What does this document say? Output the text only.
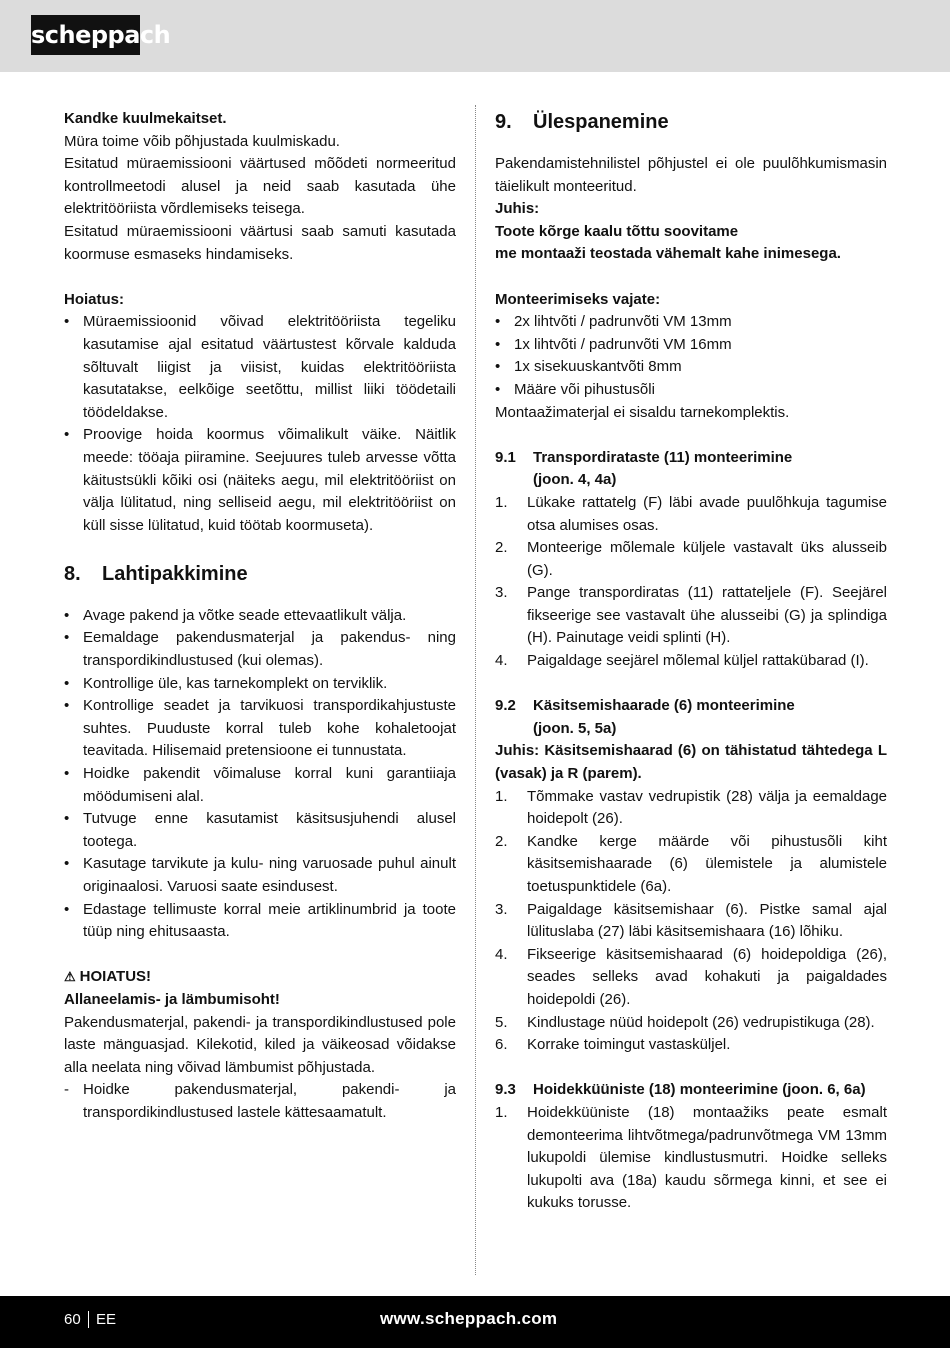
scheppach

Kandke kuulmekaitset.

Müra toime võib põhjustada kuulmiskadu.

Esitatud müraemissiooni väärtused mõõdeti normeeritud kontrollmeetodi alusel ja neid saab kasutada ühe elektritööriista võrdlemiseks teisega.

Esitatud müraemissiooni väärtusi saab samuti kasutada koormuse esmaseks hindamiseks.

Hoiatus:

• Müraemissioonid võivad elektritööriista tegeliku kasutamise ajal esitatud väärtustest kõrvale kalduda sõltuvalt liigist ja viisist, kuidas elektritööriista kasutatakse, eelkõige seetõttu, millist liiki töödetaili töödeldakse.
• Proovige hoida koormus võimalikult väike. Näitlik meede: tööaja piiramine. Seejuures tuleb arvesse võtta käitustsükli kõiki osi (näiteks aegu, mil elektritööriist on välja lülitatud, ning selliseid aegu, mil elektritööriist on küll sisse lülitatud, kuid töötab koormuseta).
8. Lahtipakkimine
• Avage pakend ja võtke seade ettevaatlikult välja.
• Eemaldage pakendusmaterjal ja pakendus- ning transpordikindlustused (kui olemas).
• Kontrollige üle, kas tarnekomplekt on terviklik.
• Kontrollige seadet ja tarvikuosi transpordikahjustuste suhtes. Puuduste korral tuleb kohe kohaletoojat teavitada. Hilisemaid pretensioone ei tunnustata.
• Hoidke pakendit võimaluse korral kuni garantiiaja möödumiseni alal.
• Tutvuge enne kasutamist käsitsusjuhendi alusel tootega.
• Kasutage tarvikute ja kulu- ning varuosade puhul ainult originaalosi. Varuosi saate esindusest.
• Edastage tellimuste korral meie artiklinumbrid ja toote tüüp ning ehitusaasta.

⚠ HOIATUS!

Allaneelamis- ja lämbumisoht!

Pakendusmaterjal, pakendi- ja transpordikindlustused pole laste mänguasjad. Kilekotid, kiled ja väikeosad võidakse alla neelata ning võivad lämbumist põhjustada.

- Hoidke pakendusmaterjal, pakendi- ja transpordikindlustused lastele kättesaamatult.
9. Ülespanemine

Pakendamistehnilistel põhjustel ei ole puulõhkumismasin täielikult monteeritud.

Juhis:

Toote kõrge kaalu tõttu soovitame

me montaaži teostada vähemalt kahe inimesega.

Monteerimiseks vajate:

• 2x lihtvõti / padrunvõti VM 13mm
• 1x lihtvõti / padrunvõti VM 16mm
• 1x sisekuuskantvõti 8mm
• Määre või pihustusõli

Montaažimaterjal ei sisaldu tarnekomplektis.

9.1 Transpordirataste (11) monteerimine

(joon. 4, 4a)

1. Lükake rattatelg (F) läbi avade puulõhkuja tagumise otsa alumises osas.
2. Monteerige mõlemale küljele vastavalt üks alusseib (G).
3. Pange transpordiratas (11) rattateljele (F). Seejärel fikseerige see vastavalt ühe alusseibi (G) ja splindiga (H). Painutage veidi splinti (H).
4. Paigaldage seejärel mõlemal küljel rattakübarad (I).

9.2 Käsitsemishaarade (6) monteerimine

(joon. 5, 5a)

Juhis: Käsitsemishaarad (6) on tähistatud tähtedega L (vasak) ja R (parem).

1. Tõmmake vastav vedrupistik (28) välja ja eemaldage hoidepolt (26).
2. Kandke kerge määrde või pihustusõli kiht käsitsemishaarade (6) ülemistele ja alumistele toetuspunktidele (6a).
3. Paigaldage käsitsemishaar (6). Pistke samal ajal lülituslaba (27) läbi käsitsemishaara (16) lõhiku.
4. Fikseerige käsitsemishaarad (6) hoidepoldiga (26), seades selleks avad kohakuti ja paigaldades hoidepoldi (26).
5. Kindlustage nüüd hoidepolt (26) vedrupistikuga (28).
6. Korrake toimingut vastasküljel.

9.3 Hoidekküüniste (18) monteerimine (joon. 6, 6a)

1. Hoidekküüniste (18) montaažiks peate esmalt demonteerima lihtvõtmega/padrunvõtmega VM 13mm lukupoldi ülemise kindlustusmutri. Hoidke selleks lukupolti ava (18a) kaudu sõrmega kinni, et see ei kukuks torusse.
60 EE	www.scheppach.com
